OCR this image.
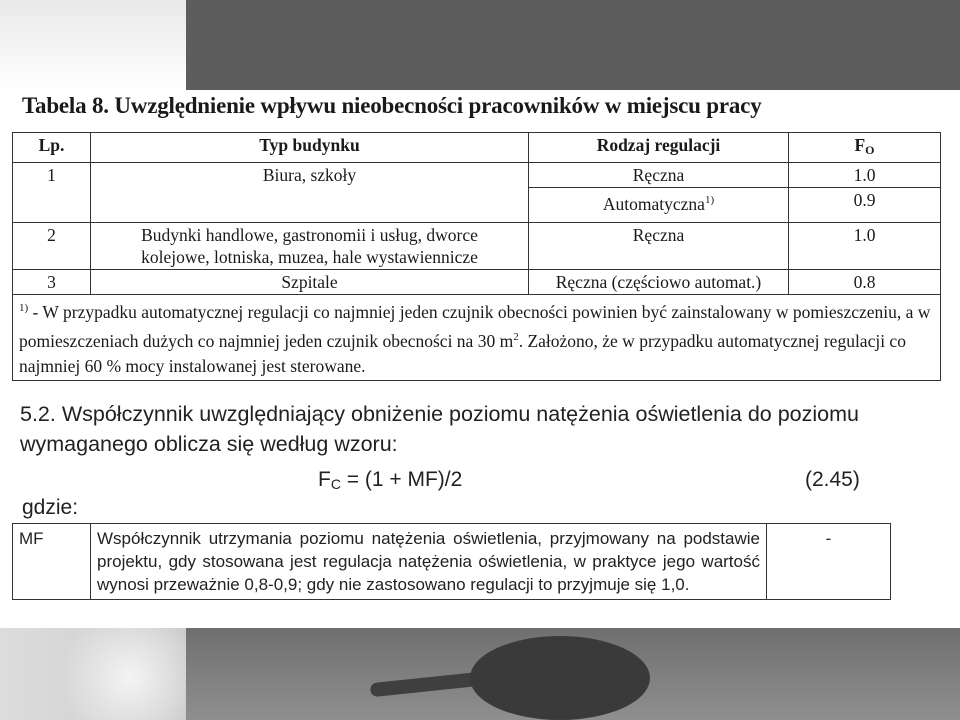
Tabela 8. Uwzględnienie wpływu nieobecności pracowników w miejscu pracy
Lp.	Typ budynku	Rodzaj regulacji	$F_O$
1	Biura, szkoły	Ręczna	1.0
		Automatyczna$^{1)}$	0.9
2	Budynki handlowe, gastronomii i usług, dworce
kolejowe, lotniska, muzea, hale wystawiennicze	Ręczna	1.0
3	Szpitale	Ręczna (częściowo automat.)	0.8
$^{1)}$ - W przypadku automatycznej regulacji co najmniej jeden czujnik obecności powinien być zainstalowany w pomieszczeniu, a w pomieszczeniach dużych co najmniej jeden czujnik obecności na 30 $m^2$. Założono, że w przypadku automatycznej regulacji co najmniej 60 % mocy instalowanej jest sterowane.			
5.2. Współczynnik uwzględniający obniżenie poziomu natężenia oświetlenia do poziomu wymaganego oblicza się według wzoru:
$F_C = (1 + MF)/2$	(2.45)
gdzie:
MF	Współczynnik utrzymania poziomu natężenia oświetlenia, przyjmowany na podstawie projektu, gdy stosowana jest regulacja natężenia oświetlenia, w praktyce jego wartość wynosi przeważnie 0,8-0,9; gdy nie zastosowano regulacji to przyjmuje się 1,0.	-
